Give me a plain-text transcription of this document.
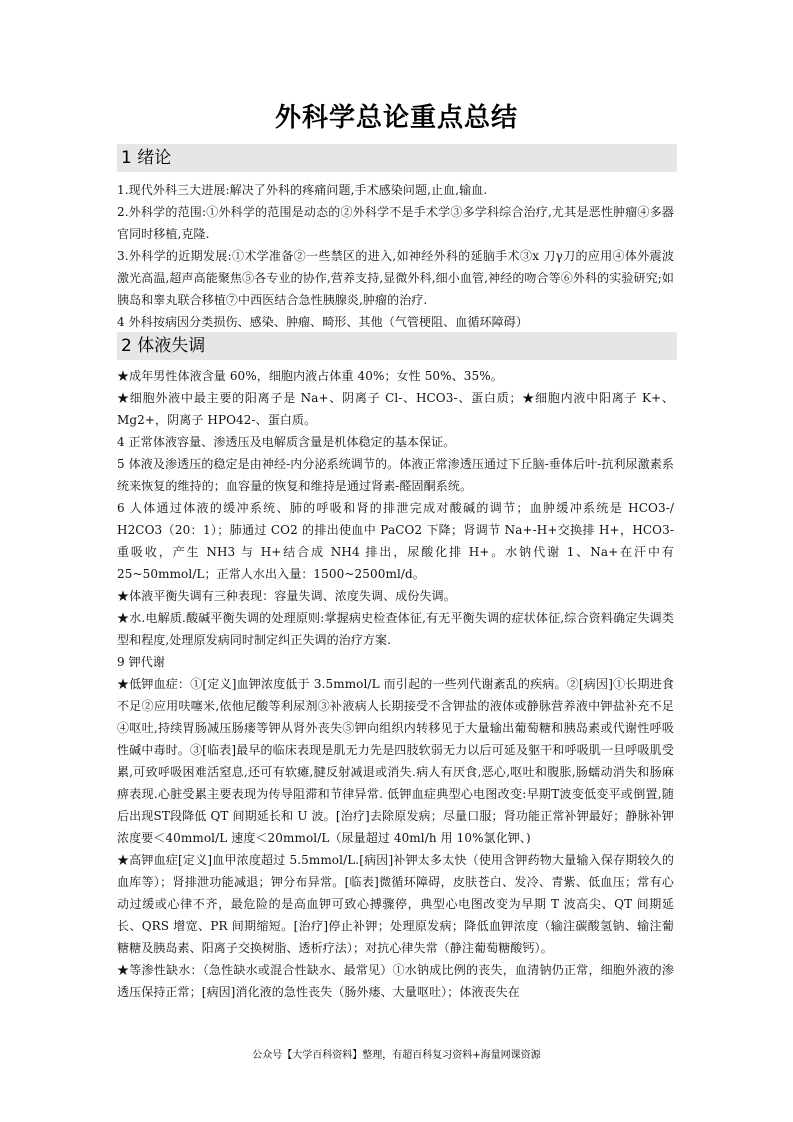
外科学总论重点总结
1 绪论
1.现代外科三大进展:解决了外科的疼痛问题,手术感染问题,止血,输血.
2.外科学的范围:①外科学的范围是动态的②外科学不是手术学③多学科综合治疗,尤其是恶性肿瘤④多器官同时移植,克隆.
3.外科学的近期发展:①术学准备②一些禁区的进入,如神经外科的延脑手术③x 刀γ刀的应用④体外震波激光高温,超声高能聚焦⑤各专业的协作,营养支持,显微外科,细小血管,神经的吻合等⑥外科的实验研究;如胰岛和睾丸联合移植⑦中西医结合急性胰腺炎,肿瘤的治疗.
4 外科按病因分类损伤、感染、肿瘤、畸形、其他（气管梗阻、血循环障碍）
2 体液失调
★成年男性体液含量 60%，细胞内液占体重 40%；女性 50%、35%。
★细胞外液中最主要的阳离子是 Na+、阴离子 Cl-、HCO3-、蛋白质；★细胞内液中阳离子 K+、Mg2+，阴离子 HPO42-、蛋白质。
4 正常体液容量、渗透压及电解质含量是机体稳定的基本保证。
5 体液及渗透压的稳定是由神经-内分泌系统调节的。体液正常渗透压通过下丘脑-垂体后叶-抗利尿激素系统来恢复的维持的；血容量的恢复和维持是通过肾素-醛固酮系统。
6 人体通过体液的缓冲系统、肺的呼吸和肾的排泄完成对酸碱的调节；血肿缓冲系统是 HCO3-/ H2CO3（20：1）；肺通过 CO2 的排出使血中 PaCO2 下降；肾调节 Na+-H+交换排 H+，HCO3-重吸收，产生 NH3 与 H+结合成 NH4 排出，尿酸化排 H+。水钠代谢 1、Na+在汗中有 25~50mmol/L；正常人水出入量：1500~2500ml/d。
★体液平衡失调有三种表现：容量失调、浓度失调、成份失调。
★水.电解质.酸碱平衡失调的处理原则:掌握病史检查体征,有无平衡失调的症状体征,综合资料确定失调类型和程度,处理原发病同时制定纠正失调的治疗方案.
9 钾代谢
★低钾血症：①[定义]血钾浓度低于 3.5mmol/L 而引起的一些列代谢紊乱的疾病。②[病因]①长期进食不足②应用呋噻米,依他尼酸等利尿剂③补液病人长期接受不含钾盐的液体或静脉营养液中钾盐补充不足④呕吐,持续胃肠减压肠瘘等钾从肾外丧失⑤钾向组织内转移见于大量输出葡萄糖和胰岛素或代谢性呼吸性碱中毒时。③[临表]最早的临床表现是肌无力先是四肢软弱无力以后可延及躯干和呼吸肌一旦呼吸肌受累,可致呼吸困难活窒息,还可有软瘫,腱反射减退或消失.病人有厌食,恶心,呕吐和腹胀,肠蠕动消失和肠麻痹表现.心脏受累主要表现为传导阻滞和节律异常. 低钾血症典型心电图改变:早期T波变低变平或倒置,随后出现ST段降低 QT 间期延长和 U 波。[治疗]去除原发病；尽量口服；肾功能正常补钾最好；静脉补钾浓度要＜40mmol/L 速度＜20mmol/L（尿量超过 40ml/h 用 10%氯化钾、)
★高钾血症[定义]血甲浓度超过 5.5mmol/L.[病因]补钾太多太快（使用含钾药物大量输入保存期较久的血库等）；肾排泄功能减退；钾分布异常。[临表]微循环障碍，皮肤苍白、发冷、青紫、低血压；常有心动过缓或心律不齐，最危险的是高血钾可致心搏骤停，典型心电图改变为早期 T 波高尖、QT 间期延长、QRS 增宽、PR 间期缩短。[治疗]停止补钾；处理原发病；降低血钾浓度（输注碳酸氢钠、输注葡糖糖及胰岛素、阳离子交换树脂、透析疗法）；对抗心律失常（静注葡萄糖酸钙）。
★等渗性缺水：（急性缺水或混合性缺水、最常见）①水钠成比例的丧失，血清钠仍正常，细胞外液的渗透压保持正常；[病因]消化液的急性丧失（肠外瘘、大量呕吐）；体液丧失在
公众号【大学百科资料】整理，有超百科复习资料+海量网课资源
